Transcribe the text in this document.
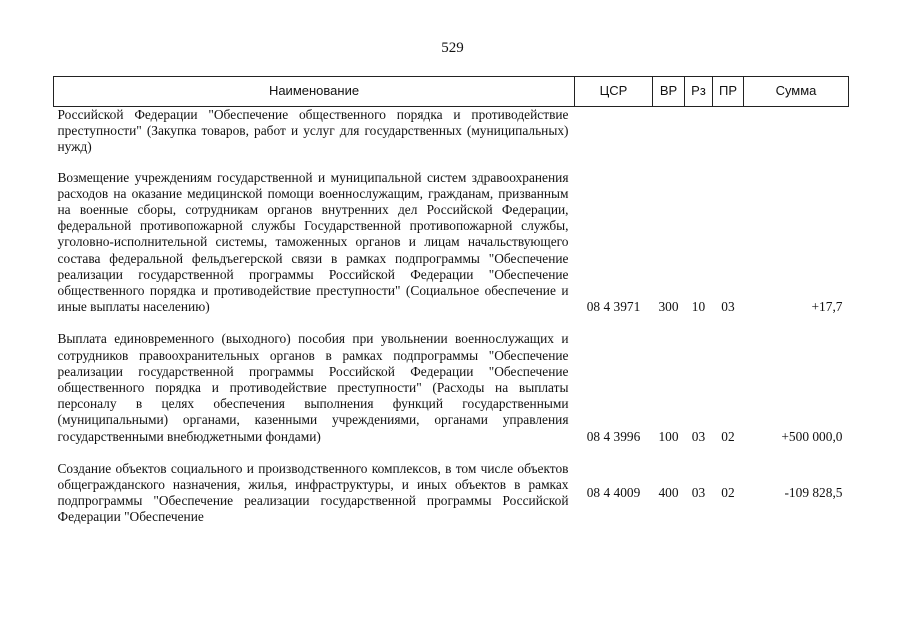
529
Наименование	ЦСР	ВР	Рз	ПР	Сумма
Российской Федерации "Обеспечение общественного порядка и противодействие преступности" (Закупка товаров, работ и услуг для государственных (муниципальных) нужд)					

Возмещение учреждениям государственной и муниципальной систем здравоохранения расходов на оказание медицинской помощи военнослужащим, гражданам, призванным на военные сборы, сотрудникам органов внутренних дел Российской Федерации, федеральной противопожарной службы Государственной противопожарной службы, уголовно-исполнительной системы, таможенных органов и лицам начальствующего состава федеральной фельдъегерской связи в рамках подпрограммы "Обеспечение реализации государственной программы Российской Федерации "Обеспечение общественного порядка и противодействие преступности" (Социальное обеспечение и иные выплаты населению)	08 4 3971	300	10	03	+17,7

Выплата единовременного (выходного) пособия при увольнении военнослужащих и сотрудников правоохранительных органов в рамках подпрограммы "Обеспечение реализации государственной программы Российской Федерации "Обеспечение общественного порядка и противодействие преступности" (Расходы на выплаты персоналу в целях обеспечения выполнения функций государственными (муниципальными) органами, казенными учреждениями, органами управления государственными внебюджетными фондами)	08 4 3996	100	03	02	+500 000,0

Создание объектов социального и производственного комплексов, в том числе объектов общегражданского назначения, жилья, инфраструктуры, и иных объектов в рамках подпрограммы "Обеспечение реализации государственной программы Российской Федерации "Обеспечение	08 4 4009	400	03	02	-109 828,5
